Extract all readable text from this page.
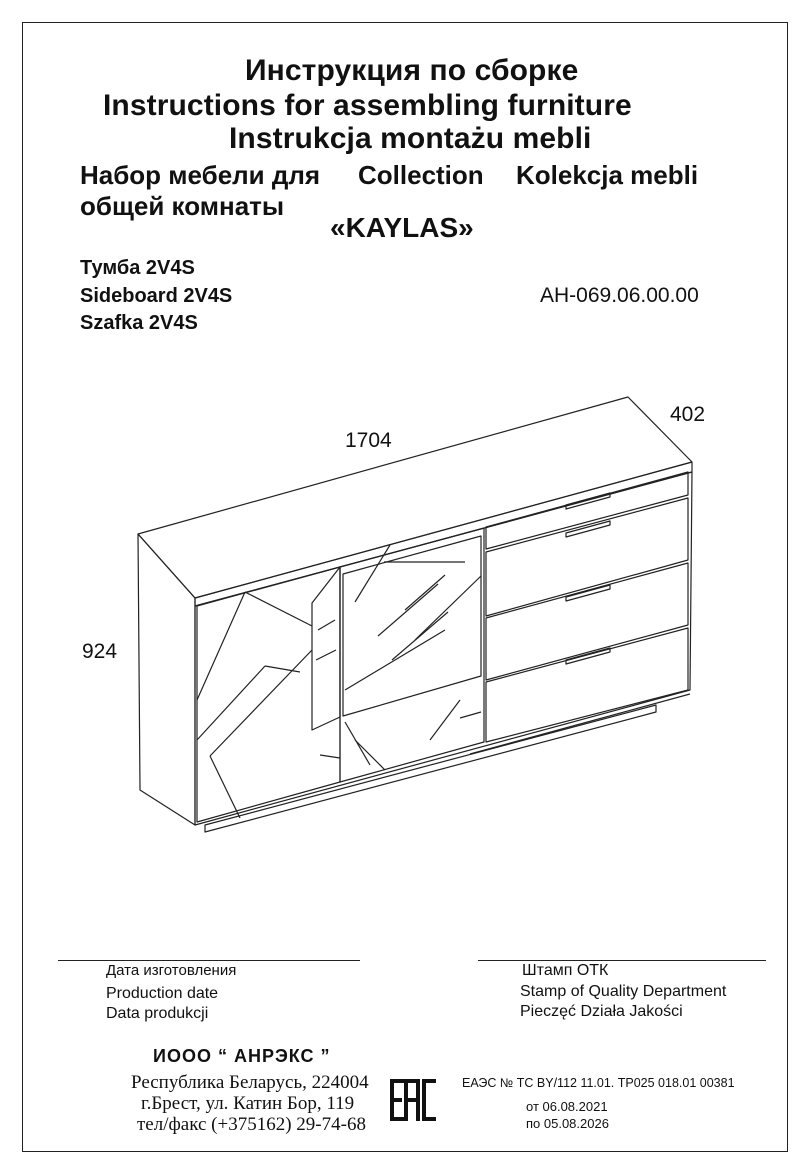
Инструкция по сборке
Instructions for assembling furniture
Instrukcja montażu mebli
Набор мебели для Collection Kolekcja mebli
общей комнаты
«KAYLAS»
Тумба 2V4S
Sideboard 2V4S
Szafka 2V4S
АН-069.06.00.00
1704
402
924
Дата изготовления
Production date
Data produkcji
Штамп ОТК
Stamp of Quality Department
Pieczęć Działa Jakości
ИООО “ АНРЭКС ”
Республика Беларусь, 224004
г.Брест, ул. Катин Бор, 119
тел/факс (+375162) 29-74-68
ЕАЭС № ТС BY/112 11.01. ТР025 018.01 00381
от 06.08.2021
по 05.08.2026
